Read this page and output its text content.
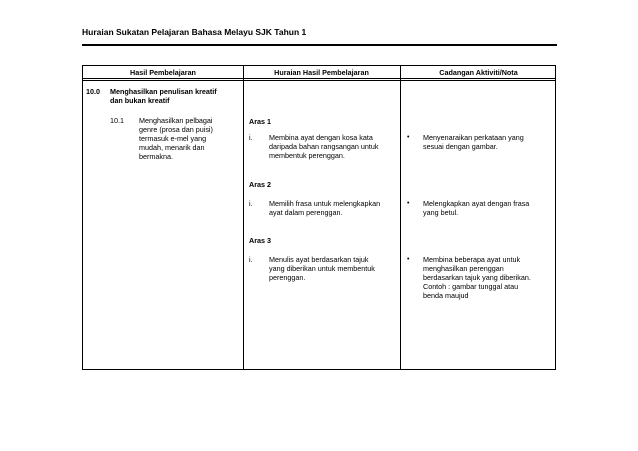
Huraian Sukatan Pelajaran Bahasa Melayu SJK Tahun 1
Hasil Pembelajaran	Huraian Hasil Pembelajaran	Cadangan Aktiviti/Nota
10.0 Menghasilkan penulisan kreatif
dan bukan kreatif
10.1 Menghasilkan pelbagai
genre (prosa dan puisi)
termasuk e-mel yang
mudah, menarik dan
bermakna.
Aras 1
i. Membina ayat dengan kosa kata
daripada bahan rangsangan untuk
membentuk perenggan.
Aras 2
i. Memilih frasa untuk melengkapkan
ayat dalam perenggan.
Aras 3
i. Menulis ayat berdasarkan tajuk
yang diberikan untuk membentuk
perenggan.
• Menyenaraikan perkataan yang
sesuai dengan gambar.
• Melengkapkan ayat dengan frasa
yang betul.
• Membina beberapa ayat untuk
menghasilkan perenggan
berdasarkan tajuk yang diberikan.
Contoh : gambar tunggal atau
benda maujud
